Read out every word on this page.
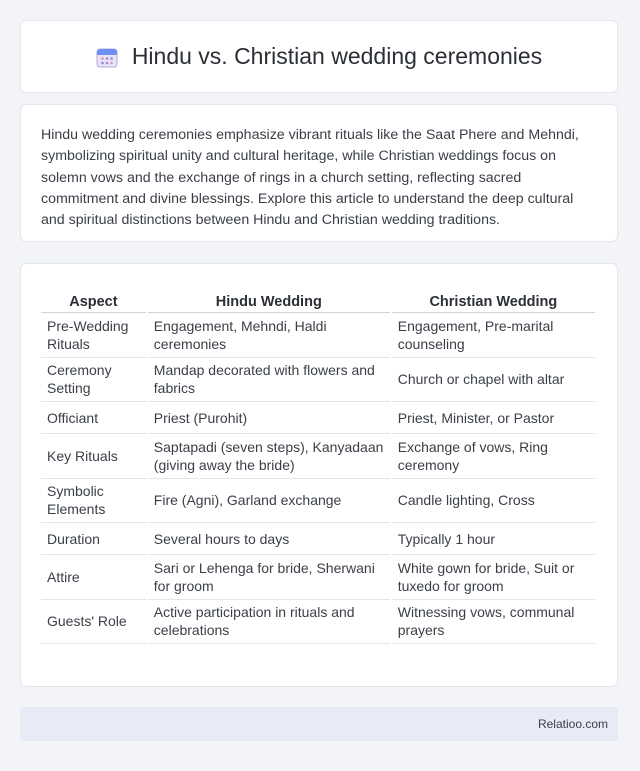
Hindu vs. Christian wedding ceremonies

Hindu wedding ceremonies emphasize vibrant rituals like the Saat Phere and Mehndi, symbolizing spiritual unity and cultural heritage, while Christian weddings focus on solemn vows and the exchange of rings in a church setting, reflecting sacred commitment and divine blessings. Explore this article to understand the deep cultural and spiritual distinctions between Hindu and Christian wedding traditions.

Aspect	Hindu Wedding	Christian Wedding
Pre-Wedding Rituals	Engagement, Mehndi, Haldi ceremonies	Engagement, Pre-marital counseling
Ceremony Setting	Mandap decorated with flowers and fabrics	Church or chapel with altar
Officiant	Priest (Purohit)	Priest, Minister, or Pastor
Key Rituals	Saptapadi (seven steps), Kanyadaan (giving away the bride)	Exchange of vows, Ring ceremony
Symbolic Elements	Fire (Agni), Garland exchange	Candle lighting, Cross
Duration	Several hours to days	Typically 1 hour
Attire	Sari or Lehenga for bride, Sherwani for groom	White gown for bride, Suit or tuxedo for groom
Guests' Role	Active participation in rituals and celebrations	Witnessing vows, communal prayers
Relatioo.com
